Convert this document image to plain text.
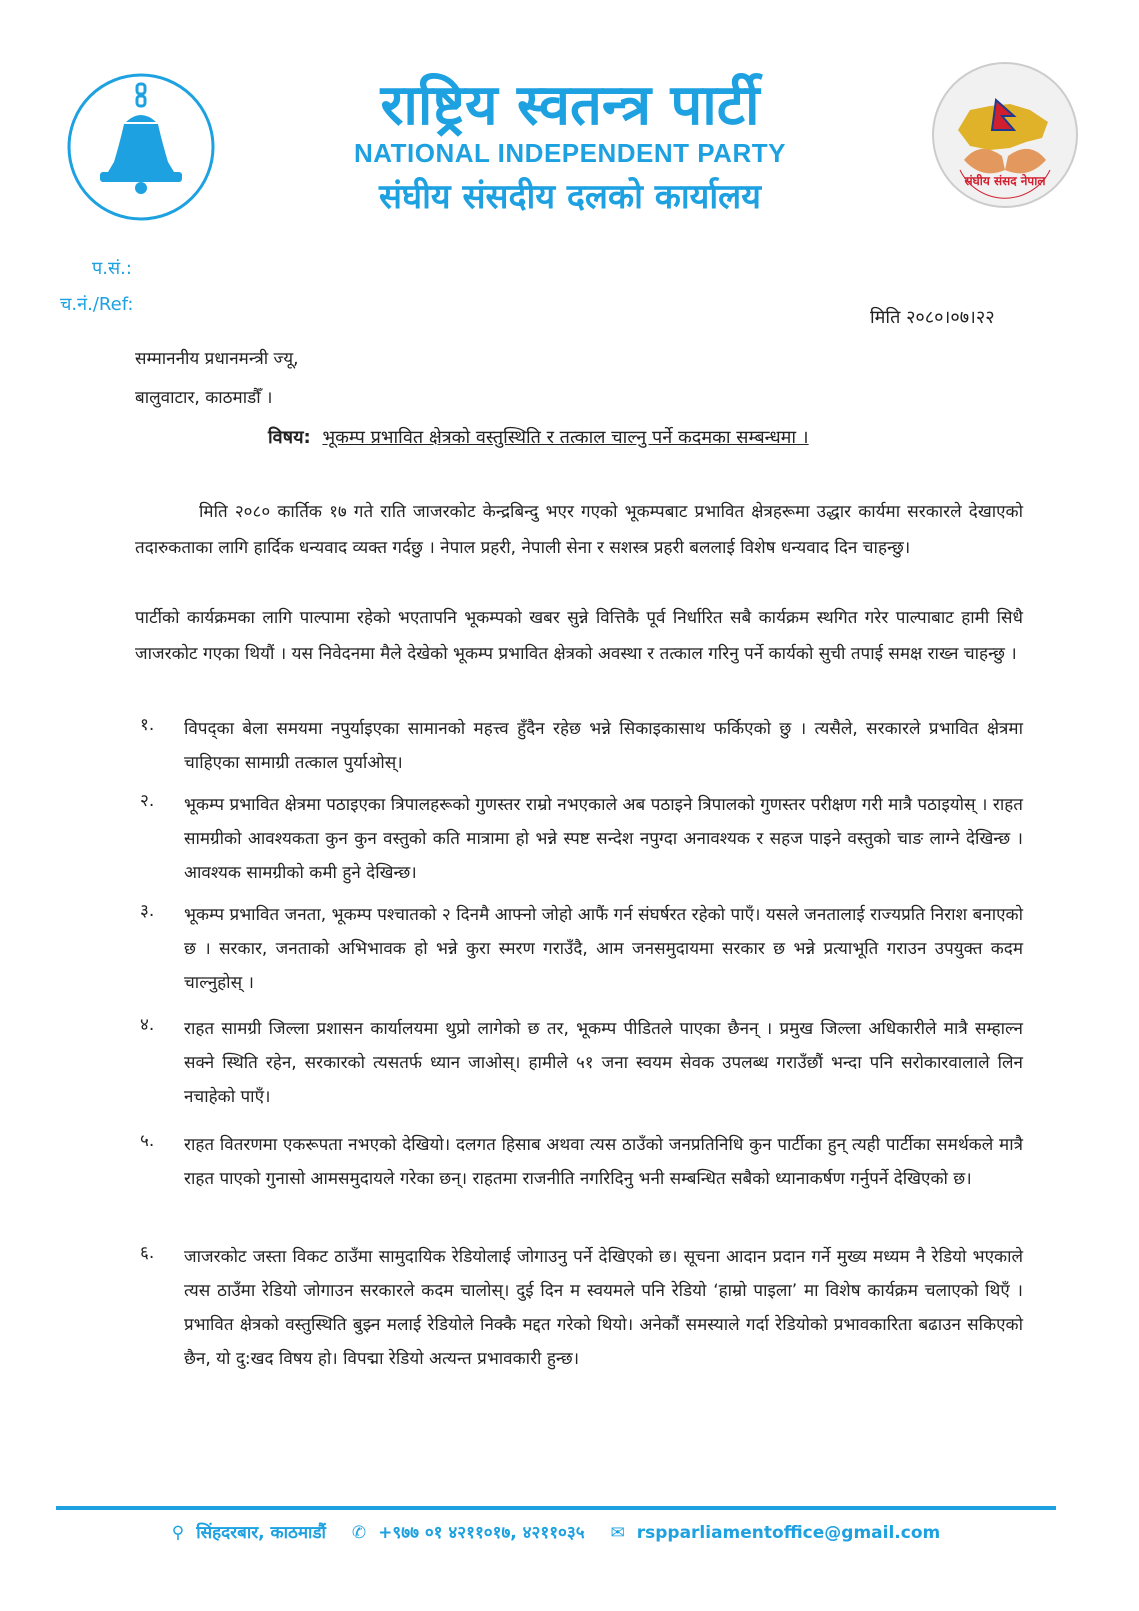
राष्ट्रिय स्वतन्त्र पार्टी
NATIONAL INDEPENDENT PARTY
संघीय संसदीय दलको कार्यालय	संघीय संसद नेपाल
प.सं.:
च.नं./Ref:
मिति २०८०।०७।२२
सम्माननीय प्रधानमन्त्री ज्यू,
बालुवाटार, काठमाडौँ ।
विषय: भूकम्प प्रभावित क्षेत्रको वस्तुस्थिति र तत्काल चाल्नु पर्ने कदमका सम्बन्धमा ।
मिति २०८० कार्तिक १७ गते राति जाजरकोट केन्द्रबिन्दु भएर गएको भूकम्पबाट प्रभावित क्षेत्रहरूमा उद्धार कार्यमा सरकारले देखाएको तदारुकताका लागि हार्दिक धन्यवाद व्यक्त गर्दछु । नेपाल प्रहरी, नेपाली सेना र सशस्त्र प्रहरी बललाई विशेष धन्यवाद दिन चाहन्छु।
पार्टीको कार्यक्रमका लागि पाल्पामा रहेको भएतापनि भूकम्पको खबर सुन्ने वित्तिकै पूर्व निर्धारित सबै कार्यक्रम स्थगित गरेर पाल्पाबाट हामी सिधै जाजरकोट गएका थियौं । यस निवेदनमा मैले देखेको भूकम्प प्रभावित क्षेत्रको अवस्था र तत्काल गरिनु पर्ने कार्यको सुची तपाई समक्ष राख्न चाहन्छु ।
१. विपद्का बेला समयमा नपुर्याइएका सामानको महत्त्व हुँदैन रहेछ भन्ने सिकाइकासाथ फर्किएको छु । त्यसैले, सरकारले प्रभावित क्षेत्रमा चाहिएका सामाग्री तत्काल पुर्याओस्।
२. भूकम्प प्रभावित क्षेत्रमा पठाइएका त्रिपालहरूको गुणस्तर राम्रो नभएकाले अब पठाइने त्रिपालको गुणस्तर परीक्षण गरी मात्रै पठाइयोस् । राहत सामग्रीको आवश्यकता कुन कुन वस्तुको कति मात्रामा हो भन्ने स्पष्ट सन्देश नपुग्दा अनावश्यक र सहज पाइने वस्तुको चाङ लाग्ने देखिन्छ । आवश्यक सामग्रीको कमी हुने देखिन्छ।
३. भूकम्प प्रभावित जनता, भूकम्प पश्चातको २ दिनमै आफ्नो जोहो आफैं गर्न संघर्षरत रहेको पाएँ। यसले जनतालाई राज्यप्रति निराश बनाएको छ । सरकार, जनताको अभिभावक हो भन्ने कुरा स्मरण गराउँदै, आम जनसमुदायमा सरकार छ भन्ने प्रत्याभूति गराउन उपयुक्त कदम चाल्नुहोस् ।
४. राहत सामग्री जिल्ला प्रशासन कार्यालयमा थुप्रो लागेको छ तर, भूकम्प पीडितले पाएका छैनन् । प्रमुख जिल्ला अधिकारीले मात्रै सम्हाल्न सक्ने स्थिति रहेन, सरकारको त्यसतर्फ ध्यान जाओस्। हामीले ५१ जना स्वयम सेवक उपलब्ध गराउँछौं भन्दा पनि सरोकारवालाले लिन नचाहेको पाएँ।
५. राहत वितरणमा एकरूपता नभएको देखियो। दलगत हिसाब अथवा त्यस ठाउँको जनप्रतिनिधि कुन पार्टीका हुन् त्यही पार्टीका समर्थकले मात्रै राहत पाएको गुनासो आमसमुदायले गरेका छन्। राहतमा राजनीति नगरिदिनु भनी सम्बन्धित सबैको ध्यानाकर्षण गर्नुपर्ने देखिएको छ।
६. जाजरकोट जस्ता विकट ठाउँमा सामुदायिक रेडियोलाई जोगाउनु पर्ने देखिएको छ। सूचना आदान प्रदान गर्ने मुख्य मध्यम नै रेडियो भएकाले त्यस ठाउँमा रेडियो जोगाउन सरकारले कदम चालोस्। दुई दिन म स्वयमले पनि रेडियो ‘हाम्रो पाइला’ मा विशेष कार्यक्रम चलाएको थिएँ । प्रभावित क्षेत्रको वस्तुस्थिति बुझ्न मलाई रेडियोले निक्कै मद्दत गरेको थियो। अनेकौं समस्याले गर्दा रेडियोको प्रभावकारिता बढाउन सकिएको छैन, यो दु:खद विषय हो। विपद्मा रेडियो अत्यन्त प्रभावकारी हुन्छ।
⚲ सिंहदरबार, काठमाडौं ✆ +९७७ ०१ ४२११०१७, ४२११०३५ ✉ rspparliamentoffice@gmail.com
